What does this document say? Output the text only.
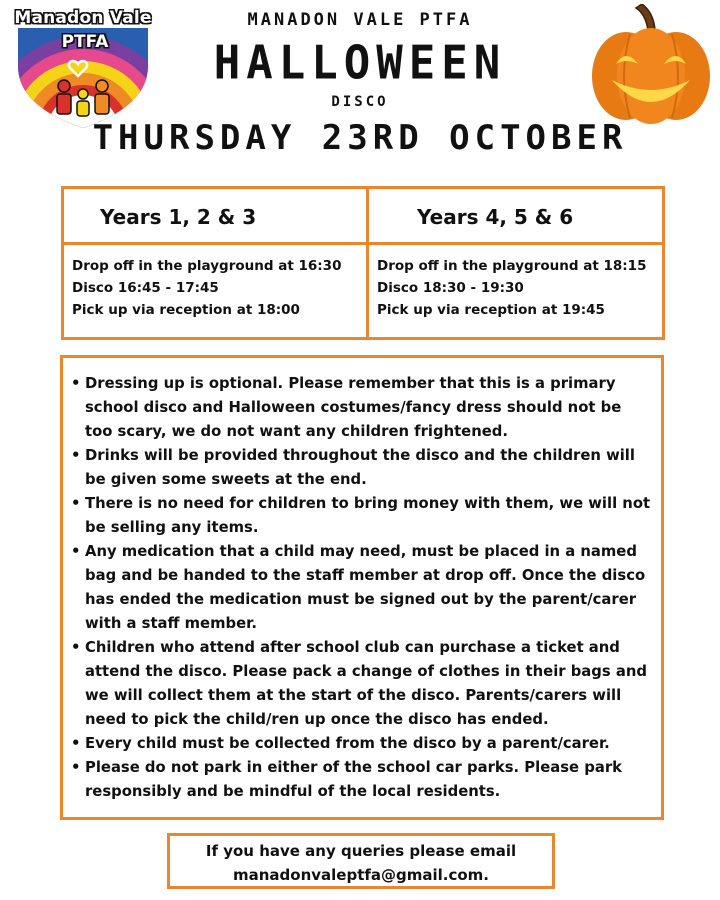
Manadon Vale
PTFA
MANADON VALE PTFA
HALLOWEEN
DISCO
THURSDAY 23RD OCTOBER
Years 1, 2 & 3
Drop off in the playground at 16:30
Disco 16:45 - 17:45
Pick up via reception at 18:00
Years 4, 5 & 6
Drop off in the playground at 18:15
Disco 18:30 - 19:30
Pick up via reception at 19:45
• Dressing up is optional. Please remember that this is a primary school disco and Halloween costumes/fancy dress should not be too scary, we do not want any children frightened.
• Drinks will be provided throughout the disco and the children will be given some sweets at the end.
• There is no need for children to bring money with them, we will not be selling any items.
• Any medication that a child may need, must be placed in a named bag and be handed to the staff member at drop off. Once the disco has ended the medication must be signed out by the parent/carer with a staff member.
• Children who attend after school club can purchase a ticket and attend the disco. Please pack a change of clothes in their bags and we will collect them at the start of the disco. Parents/carers will need to pick the child/ren up once the disco has ended.
• Every child must be collected from the disco by a parent/carer.
• Please do not park in either of the school car parks. Please park responsibly and be mindful of the local residents.
If you have any queries please email
manadonvaleptfa@gmail.com.
